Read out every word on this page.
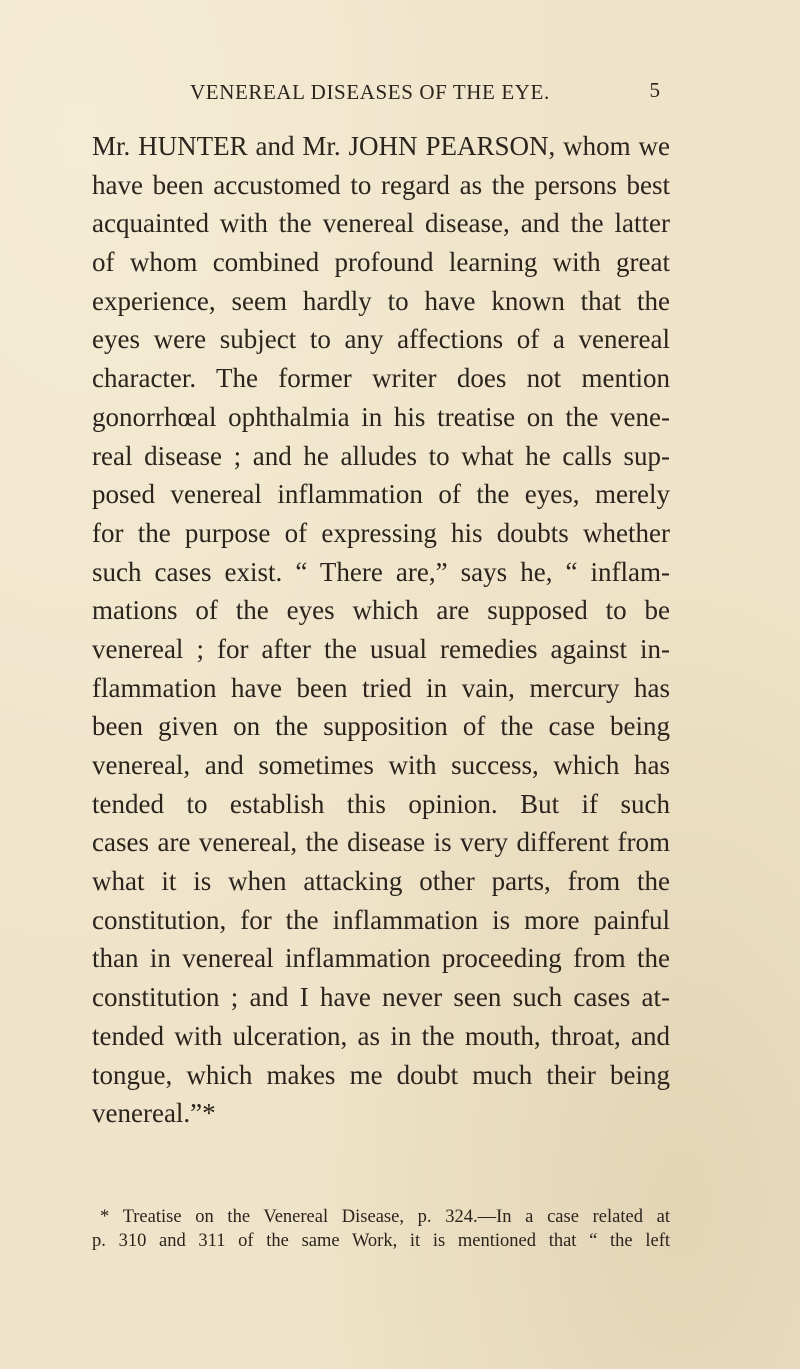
VENEREAL DISEASES OF THE EYE.	5
Mr. HUNTER and Mr. JOHN PEARSON, whom we
have been accustomed to regard as the persons best
acquainted with the venereal disease, and the latter
of whom combined profound learning with great
experience, seem hardly to have known that the
eyes were subject to any affections of a venereal
character. The former writer does not mention
gonorrhœal ophthalmia in his treatise on the vene-
real disease ; and he alludes to what he calls sup-
posed venereal inflammation of the eyes, merely
for the purpose of expressing his doubts whether
such cases exist. “ There are,” says he, “ inflam-
mations of the eyes which are supposed to be
venereal ; for after the usual remedies against in-
flammation have been tried in vain, mercury has
been given on the supposition of the case being
venereal, and sometimes with success, which has
tended to establish this opinion. But if such
cases are venereal, the disease is very different from
what it is when attacking other parts, from the
constitution, for the inflammation is more painful
than in venereal inflammation proceeding from the
constitution ; and I have never seen such cases at-
tended with ulceration, as in the mouth, throat, and
tongue, which makes me doubt much their being
venereal.”*
* Treatise on the Venereal Disease, p. 324.—In a case related at
p. 310 and 311 of the same Work, it is mentioned that “ the left
